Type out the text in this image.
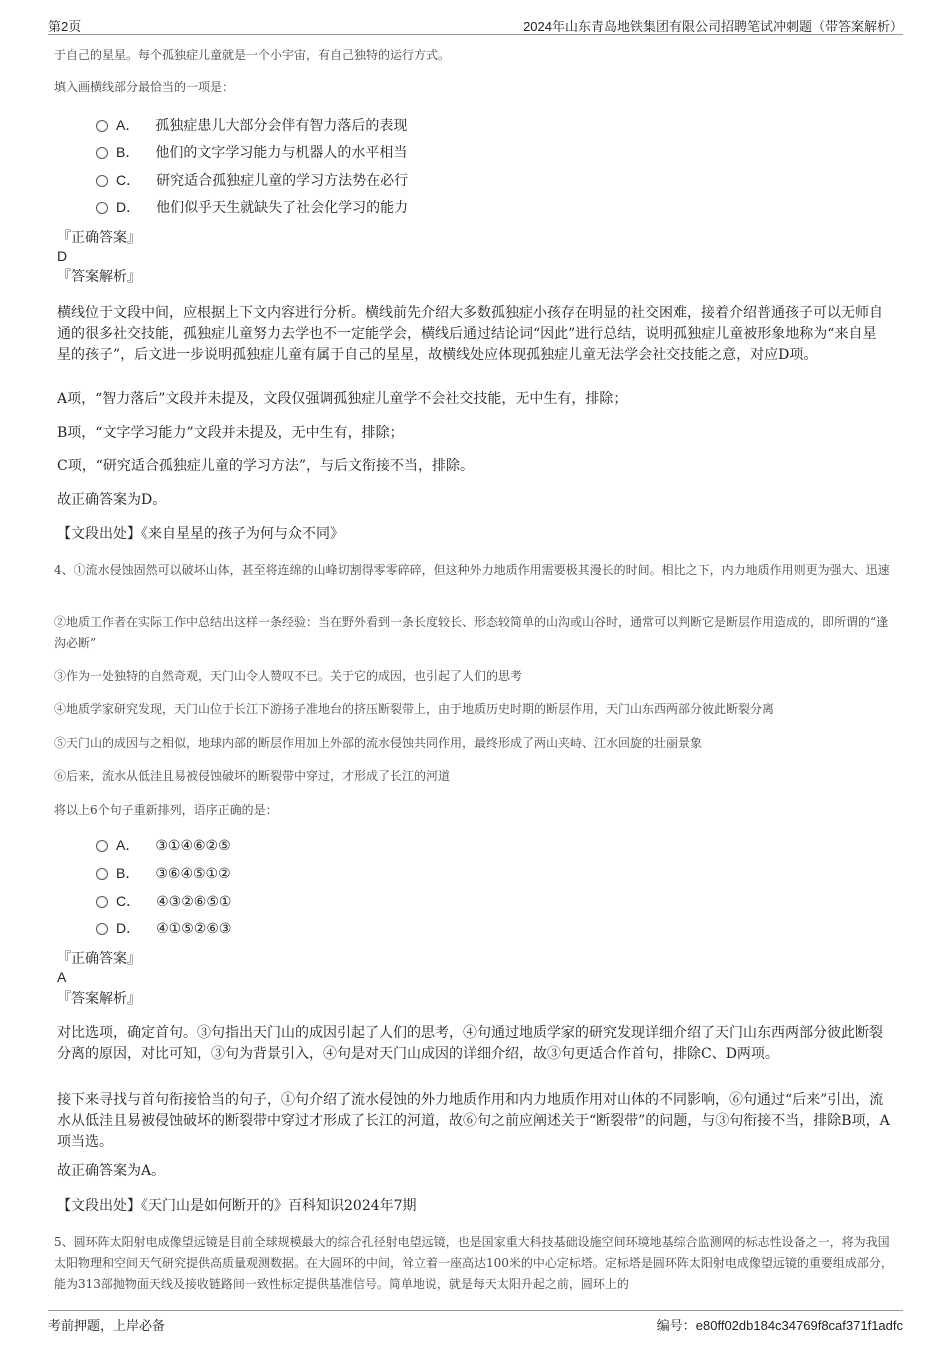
第2页	2024年山东青岛地铁集团有限公司招聘笔试冲刺题（带答案解析）

于自己的星星。每个孤独症儿童就是一个小宇宙，有自己独特的运行方式。

填入画横线部分最恰当的一项是：

A． 孤独症患儿大部分会伴有智力落后的表现
B． 他们的文字学习能力与机器人的水平相当
C． 研究适合孤独症儿童的学习方法势在必行
D． 他们似乎天生就缺失了社会化学习的能力
『正确答案』
D
『答案解析』

横线位于文段中间，应根据上下文内容进行分析。横线前先介绍大多数孤独症小孩存在明显的社交困难，接着介绍普通孩子可以无师自通的很多社交技能，孤独症儿童努力去学也不一定能学会，横线后通过结论词“因此”进行总结，说明孤独症儿童被形象地称为“来自星星的孩子”，后文进一步说明孤独症儿童有属于自己的星星，故横线处应体现孤独症儿童无法学会社交技能之意，对应D项。

A项，“智力落后”文段并未提及，文段仅强调孤独症儿童学不会社交技能，无中生有，排除；

B项，“文字学习能力”文段并未提及，无中生有，排除；

C项，“研究适合孤独症儿童的学习方法”，与后文衔接不当，排除。

故正确答案为D。

【文段出处】《来自星星的孩子为何与众不同》

4、①流水侵蚀固然可以破坏山体，甚至将连绵的山峰切割得零零碎碎，但这种外力地质作用需要极其漫长的时间。相比之下，内力地质作用则更为强大、迅速

②地质工作者在实际工作中总结出这样一条经验：当在野外看到一条长度较长、形态较简单的山沟或山谷时，通常可以判断它是断层作用造成的，即所谓的“逢沟必断”

③作为一处独特的自然奇观，天门山令人赞叹不已。关于它的成因，也引起了人们的思考

④地质学家研究发现，天门山位于长江下游扬子准地台的挤压断裂带上，由于地质历史时期的断层作用，天门山东西两部分彼此断裂分离

⑤天门山的成因与之相似，地球内部的断层作用加上外部的流水侵蚀共同作用，最终形成了两山夹峙、江水回旋的壮丽景象

⑥后来，流水从低洼且易被侵蚀破坏的断裂带中穿过，才形成了长江的河道

将以上6个句子重新排列，语序正确的是：

A． ③①④⑥②⑤
B． ③⑥④⑤①②
C． ④③②⑥⑤①
D． ④①⑤②⑥③
『正确答案』
A
『答案解析』

对比选项，确定首句。③句指出天门山的成因引起了人们的思考，④句通过地质学家的研究发现详细介绍了天门山东西两部分彼此断裂分离的原因，对比可知，③句为背景引入，④句是对天门山成因的详细介绍，故③句更适合作首句，排除C、D两项。

接下来寻找与首句衔接恰当的句子，①句介绍了流水侵蚀的外力地质作用和内力地质作用对山体的不同影响，⑥句通过“后来”引出，流水从低洼且易被侵蚀破坏的断裂带中穿过才形成了长江的河道，故⑥句之前应阐述关于“断裂带”的问题，与③句衔接不当，排除B项，A项当选。

故正确答案为A。

【文段出处】《天门山是如何断开的》百科知识2024年7期

5、圆环阵太阳射电成像望远镜是目前全球规模最大的综合孔径射电望远镜，也是国家重大科技基础设施空间环境地基综合监测网的标志性设备之一，将为我国太阳物理和空间天气研究提供高质量观测数据。在大圆环的中间，耸立着一座高达100米的中心定标塔。定标塔是圆环阵太阳射电成像望远镜的重要组成部分，能为313部抛物面天线及接收链路间一致性标定提供基准信号。简单地说，就是每天太阳升起之前，圆环上的

考前押题，上岸必备	编号：e80ff02db184c34769f8caf371f1adfc
